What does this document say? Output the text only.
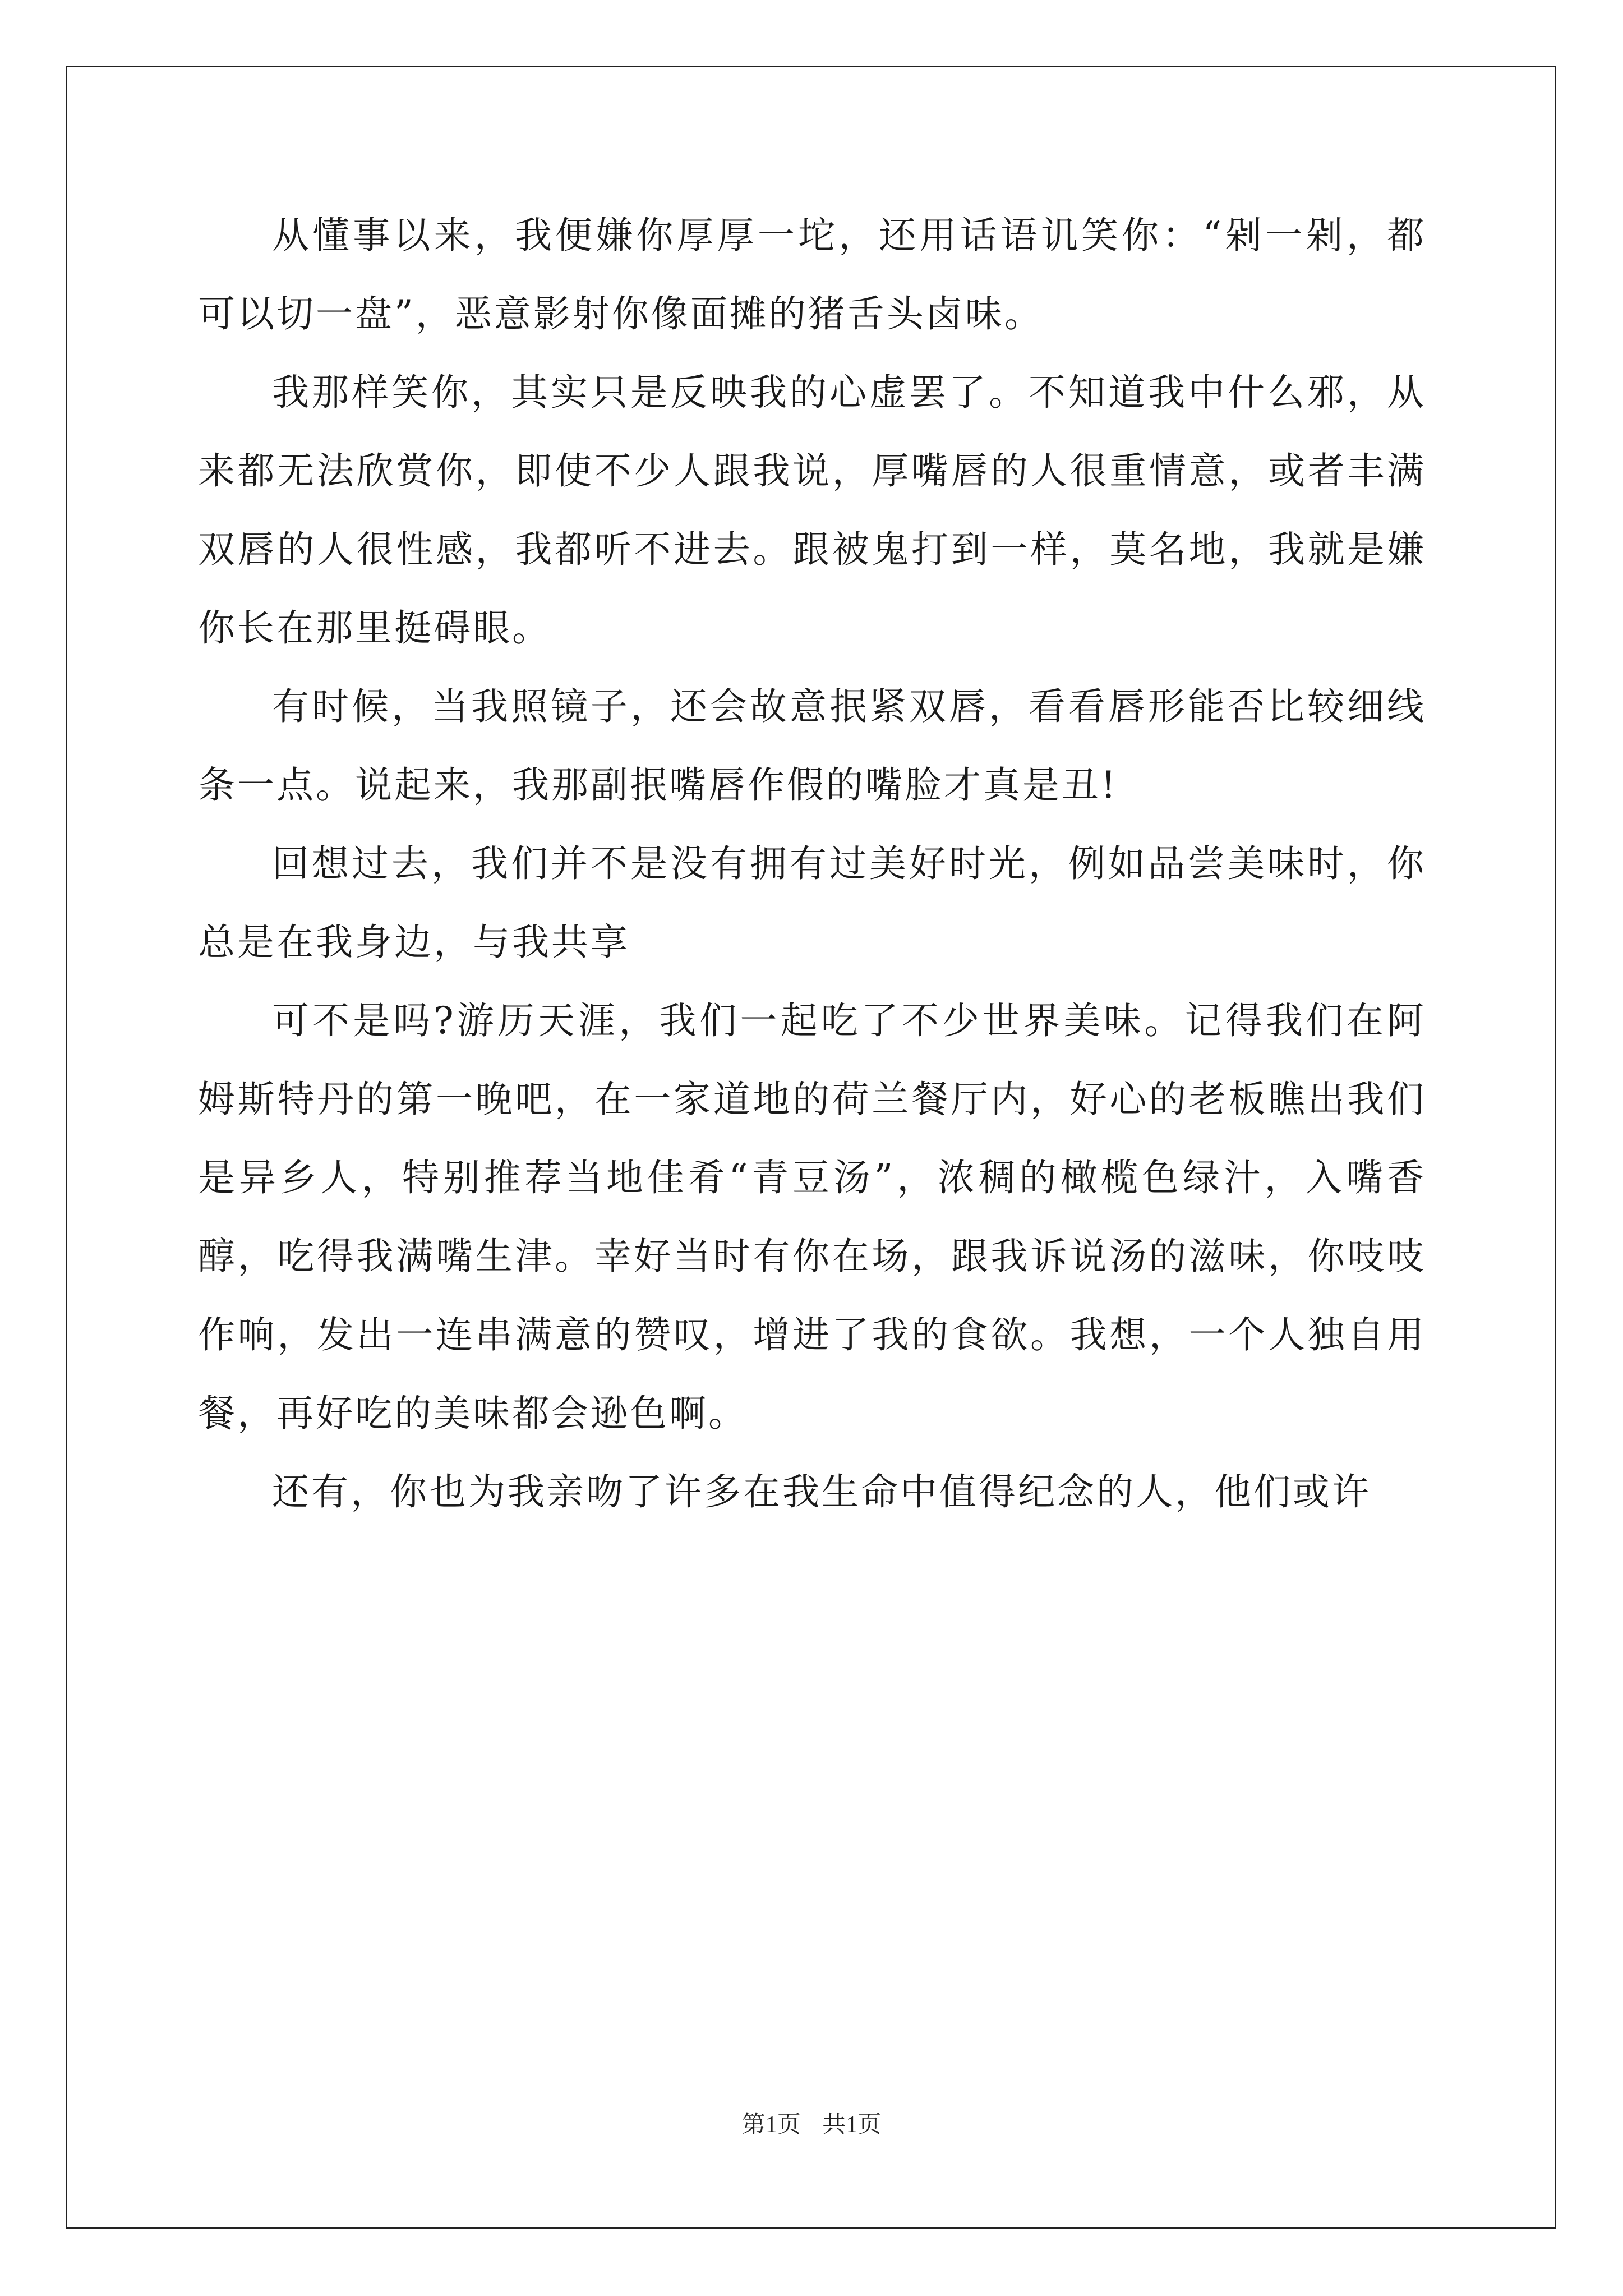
从懂事以来，我便嫌你厚厚一坨，还用话语讥笑你：“剁一剁，都可以切一盘”，恶意影射你像面摊的猪舌头卤味。

我那样笑你，其实只是反映我的心虚罢了。不知道我中什么邪，从来都无法欣赏你，即使不少人跟我说，厚嘴唇的人很重情意，或者丰满双唇的人很性感，我都听不进去。跟被鬼打到一样，莫名地，我就是嫌你长在那里挺碍眼。

有时候，当我照镜子，还会故意抿紧双唇，看看唇形能否比较细线条一点。说起来，我那副抿嘴唇作假的嘴脸才真是丑!

回想过去，我们并不是没有拥有过美好时光，例如品尝美味时，你总是在我身边，与我共享

可不是吗?游历天涯，我们一起吃了不少世界美味。记得我们在阿姆斯特丹的第一晚吧，在一家道地的荷兰餐厅内，好心的老板瞧出我们是异乡人，特别推荐当地佳肴“青豆汤”，浓稠的橄榄色绿汁，入嘴香醇，吃得我满嘴生津。幸好当时有你在场，跟我诉说汤的滋味，你吱吱作响，发出一连串满意的赞叹，增进了我的食欲。我想，一个人独自用餐，再好吃的美味都会逊色啊。

还有，你也为我亲吻了许多在我生命中值得纪念的人，他们或许

第1页 共1页
